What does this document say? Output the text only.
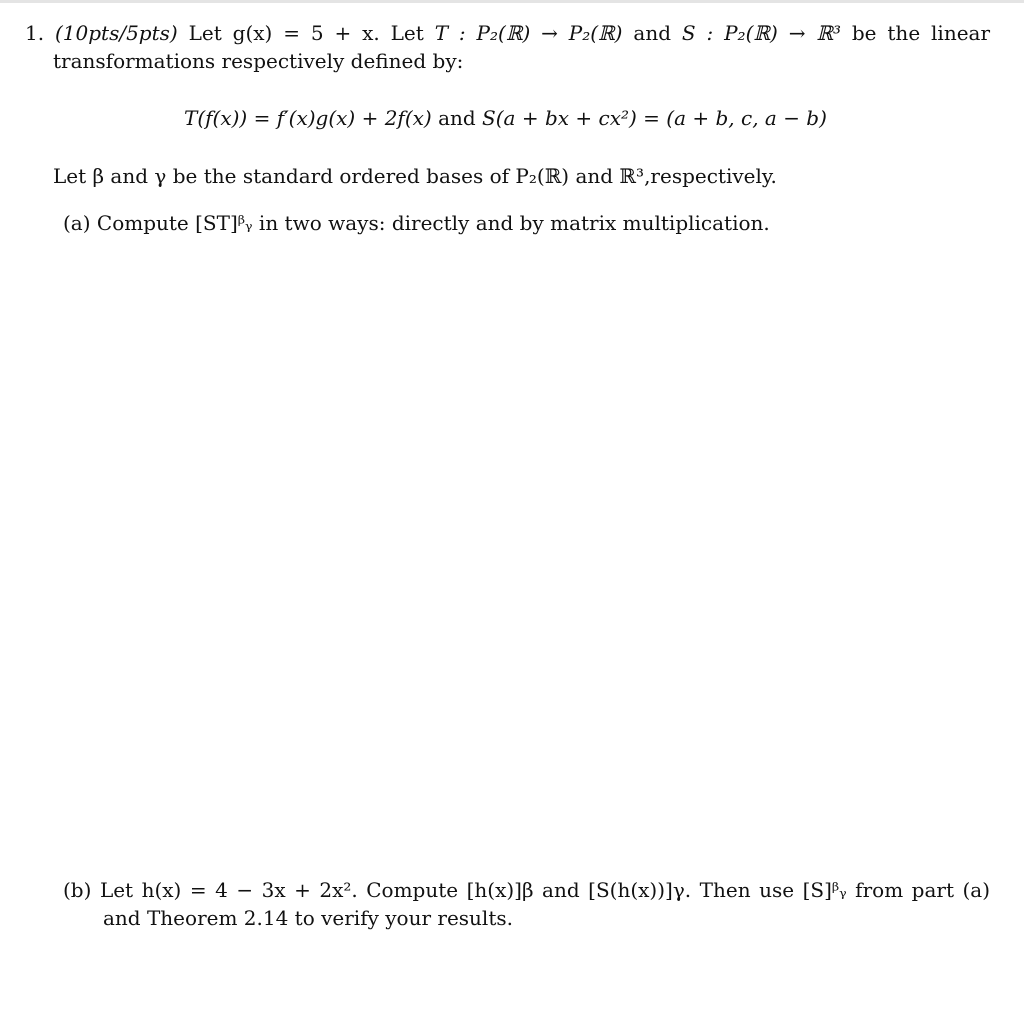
1. (10pts/5pts) Let g(x) = 5 + x. Let T : P₂(ℝ) → P₂(ℝ) and S : P₂(ℝ) → ℝ³ be the linear
transformations respectively defined by:
T(f(x)) = f′(x)g(x) + 2f(x) and S(a + bx + cx²) = (a + b, c, a − b)
Let β and γ be the standard ordered bases of P₂(ℝ) and ℝ³,respectively.
(a) Compute [ST]ᵝᵧ in two ways: directly and by matrix multiplication.
(b) Let h(x) = 4 − 3x + 2x². Compute [h(x)]β and [S(h(x))]γ. Then use [S]ᵝᵧ from part (a)
and Theorem 2.14 to verify your results.
